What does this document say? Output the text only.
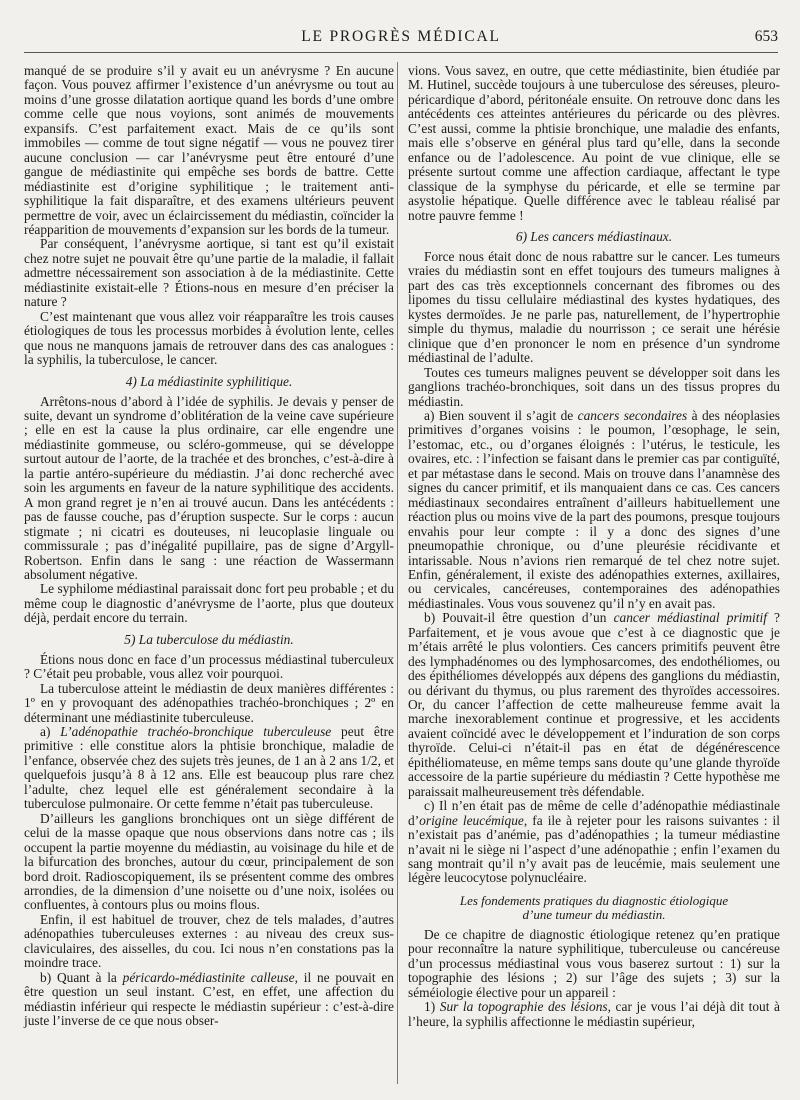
LE PROGRÈS MÉDICAL	653

manqué de se produire s’il y avait eu un anévrysme ? En aucune façon. Vous pouvez affirmer l’existence d’un anévrysme ou tout au moins d’une grosse dilatation aortique quand les bords d’une ombre comme celle que nous voyions, sont animés de mouvements expansifs. C’est parfaitement exact. Mais de ce qu’ils sont immobiles — comme de tout signe négatif — vous ne pouvez tirer aucune conclusion — car l’anévrysme peut être entouré d’une gangue de médiastinite qui empêche ses bords de battre. Cette médiastinite est d’origine syphilitique ; le traitement anti-syphilitique la fait disparaître, et des examens ultérieurs peuvent permettre de voir, avec un éclaircissement du médiastin, coïncider la réapparition de mouvements d’expansion sur les bords de la tumeur.

Par conséquent, l’anévrysme aortique, si tant est qu’il existait chez notre sujet ne pouvait être qu’une partie de la maladie, il fallait admettre nécessairement son association à de la médiastinite. Cette médiastinite existait-elle ? Étions-nous en mesure d’en préciser la nature ?

C’est maintenant que vous allez voir réapparaître les trois causes étiologiques de tous les processus morbides à évolution lente, celles que nous ne manquons jamais de retrouver dans des cas analogues : la syphilis, la tuberculose, le cancer.

4) La médiastinite syphilitique.

Arrêtons-nous d’abord à l’idée de syphilis. Je devais y penser de suite, devant un syndrome d’oblitération de la veine cave supérieure ; elle en est la cause la plus ordinaire, car elle engendre une médiastinite gommeuse, ou scléro-gommeuse, qui se développe surtout autour de l’aorte, de la trachée et des bronches, c’est-à-dire à la partie antéro-supérieure du médiastin. J’ai donc recherché avec soin les arguments en faveur de la nature syphilitique des accidents. A mon grand regret je n’en ai trouvé aucun. Dans les antécédents : pas de fausse couche, pas d’éruption suspecte. Sur le corps : aucun stigmate ; ni cicatri es douteuses, ni leucoplasie linguale ou commissurale ; pas d’inégalité pupillaire, pas de signe d’Argyll-Robertson. Enfin dans le sang : une réaction de Wassermann absolument négative.

Le syphilome médiastinal paraissait donc fort peu probable ; et du même coup le diagnostic d’anévrysme de l’aorte, plus que douteux déjà, perdait encore du terrain.

5) La tuberculose du médiastin.

Étions nous donc en face d’un processus médiastinal tuberculeux ? C’était peu probable, vous allez voir pourquoi.

La tuberculose atteint le médiastin de deux manières différentes : 1º en y provoquant des adénopathies trachéo-bronchiques ; 2º en déterminant une médiastinite tuberculeuse.

a) L’adénopathie trachéo-bronchique tuberculeuse peut être primitive : elle constitue alors la phtisie bronchique, maladie de l’enfance, observée chez des sujets très jeunes, de 1 an à 2 ans 1/2, et quelquefois jusqu’à 8 à 12 ans. Elle est beaucoup plus rare chez l’adulte, chez lequel elle est généralement secondaire à la tuberculose pulmonaire. Or cette femme n’était pas tuberculeuse.

D’ailleurs les ganglions bronchiques ont un siège différent de celui de la masse opaque que nous observions dans notre cas ; ils occupent la partie moyenne du médiastin, au voisinage du hile et de la bifurcation des bronches, autour du cœur, principalement de son bord droit. Radioscopiquement, ils se présentent comme des ombres arrondies, de la dimension d’une noisette ou d’une noix, isolées ou confluentes, à contours plus ou moins flous.

Enfin, il est habituel de trouver, chez de tels malades, d’autres adénopathies tuberculeuses externes : au niveau des creux sus-claviculaires, des aisselles, du cou. Ici nous n’en constations pas la moindre trace.

b) Quant à la péricardo-médiastinite calleuse, il ne pouvait en être question un seul instant. C’est, en effet, une affection du médiastin inférieur qui respecte le médiastin supérieur : c’est-à-dire juste l’inverse de ce que nous obser-

vions. Vous savez, en outre, que cette médiastinite, bien étudiée par M. Hutinel, succède toujours à une tuberculose des séreuses, pleuro-péricardique d’abord, péritonéale ensuite. On retrouve donc dans les antécédents ces atteintes antérieures du péricarde ou des plèvres. C’est aussi, comme la phtisie bronchique, une maladie des enfants, mais elle s’observe en général plus tard qu’elle, dans la seconde enfance ou de l’adolescence. Au point de vue clinique, elle se présente surtout comme une affection cardiaque, affectant le type classique de la symphyse du péricarde, et elle se termine par asystolie hépatique. Quelle différence avec le tableau réalisé par notre pauvre femme !

6) Les cancers médiastinaux.

Force nous était donc de nous rabattre sur le cancer. Les tumeurs vraies du médiastin sont en effet toujours des tumeurs malignes à part des cas très exceptionnels concernant des fibromes ou des lipomes du tissu cellulaire médiastinal des kystes hydatiques, des kystes dermoïdes. Je ne parle pas, naturellement, de l’hypertrophie simple du thymus, maladie du nourrisson ; ce serait une hérésie clinique que d’en prononcer le nom en présence d’un syndrome médiastinal de l’adulte.

Toutes ces tumeurs malignes peuvent se développer soit dans les ganglions trachéo-bronchiques, soit dans un des tissus propres du médiastin.

a) Bien souvent il s’agit de cancers secondaires à des néoplasies primitives d’organes voisins : le poumon, l’œsophage, le sein, l’estomac, etc., ou d’organes éloignés : l’utérus, le testicule, les ovaires, etc. : l’infection se faisant dans le premier cas par contiguïté, et par métastase dans le second. Mais on trouve dans l’anamnèse des signes du cancer primitif, et ils manquaient dans ce cas. Ces cancers médiastinaux secondaires entraînent d’ailleurs habituellement une réaction plus ou moins vive de la part des poumons, presque toujours envahis pour leur compte : il y a donc des signes d’une pneumopathie chronique, ou d’une pleurésie récidivante et intarissable. Nous n’avions rien remarqué de tel chez notre sujet. Enfin, généralement, il existe des adénopathies externes, axillaires, ou cervicales, cancéreuses, contemporaines des adénopathies médiastinales. Vous vous souvenez qu’il n’y en avait pas.

b) Pouvait-il être question d’un cancer médiastinal primitif ? Parfaitement, et je vous avoue que c’est à ce diagnostic que je m’étais arrêté le plus volontiers. Ces cancers primitifs peuvent être des lymphadénomes ou des lymphosarcomes, des endothéliomes, ou des épithéliomes développés aux dépens des ganglions du médiastin, ou dérivant du thymus, ou plus rarement des thyroïdes accessoires. Or, du cancer l’affection de cette malheureuse femme avait la marche inexorablement continue et progressive, et les accidents avaient coïncidé avec le développement et l’induration de son corps thyroïde. Celui-ci n’était-il pas en état de dégénérescence épithéliomateuse, en même temps sans doute qu’une glande thyroïde accessoire de la partie supérieure du médiastin ? Cette hypothèse me paraissait malheureusement très défendable.

c) Il n’en était pas de même de celle d’adénopathie médiastinale d’origine leucémique, fa ile à rejeter pour les raisons suivantes : il n’existait pas d’anémie, pas d’adénopathies ; la tumeur médiastine n’avait ni le siège ni l’aspect d’une adénopathie ; enfin l’examen du sang montrait qu’il n’y avait pas de leucémie, mais seulement une légère leucocytose polynucléaire.

Les fondements pratiques du diagnostic étiologique
d’une tumeur du médiastin.

De ce chapitre de diagnostic étiologique retenez qu’en pratique pour reconnaître la nature syphilitique, tuberculeuse ou cancéreuse d’un processus médiastinal vous vous baserez surtout : 1) sur la topographie des lésions ; 2) sur l’âge des sujets ; 3) sur la séméiologie élective pour un appareil :

1) Sur la topographie des lésions, car je vous l’ai déjà dit tout à l’heure, la syphilis affectionne le médiastin supérieur,
